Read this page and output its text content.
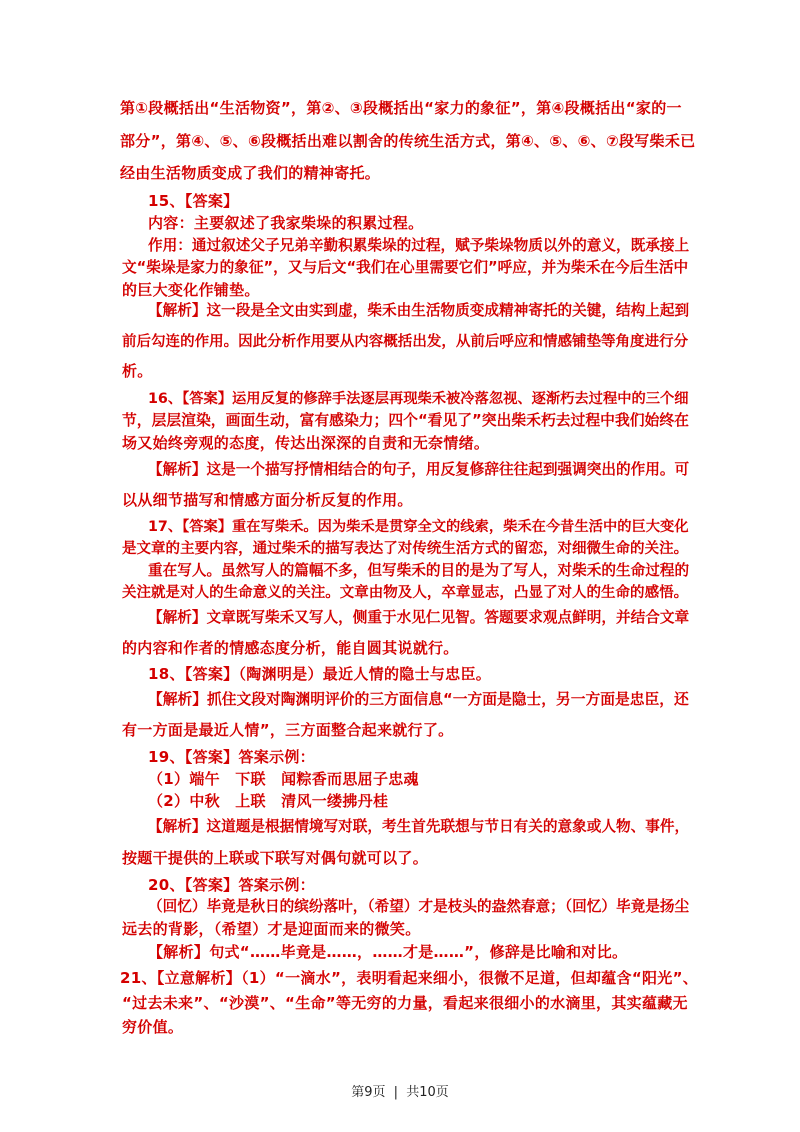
第①段概括出“生活物资”，第②、③段概括出“家力的象征”，第④段概括出“家的一
部分”，第④、⑤、⑥段概括出难以割舍的传统生活方式，第④、⑤、⑥、⑦段写柴禾已
经由生活物质变成了我们的精神寄托。
15、【答案】
内容：主要叙述了我家柴垛的积累过程。
作用：通过叙述父子兄弟辛勤积累柴垛的过程，赋予柴垛物质以外的意义，既承接上
文“柴垛是家力的象征”，又与后文“我们在心里需要它们”呼应，并为柴禾在今后生活中
的巨大变化作铺垫。
【解析】这一段是全文由实到虚，柴禾由生活物质变成精神寄托的关键，结构上起到
前后勾连的作用。因此分析作用要从内容概括出发，从前后呼应和情感铺垫等角度进行分
析。
16、【答案】运用反复的修辞手法逐层再现柴禾被冷落忽视、逐渐朽去过程中的三个细
节，层层渲染，画面生动，富有感染力；四个“看见了”突出柴禾朽去过程中我们始终在
场又始终旁观的态度，传达出深深的自责和无奈情绪。
【解析】这是一个描写抒情相结合的句子，用反复修辞往往起到强调突出的作用。可
以从细节描写和情感方面分析反复的作用。
17、【答案】重在写柴禾。因为柴禾是贯穿全文的线索，柴禾在今昔生活中的巨大变化
是文章的主要内容，通过柴禾的描写表达了对传统生活方式的留恋，对细微生命的关注。
重在写人。虽然写人的篇幅不多，但写柴禾的目的是为了写人，对柴禾的生命过程的
关注就是对人的生命意义的关注。文章由物及人，卒章显志，凸显了对人的生命的感悟。
【解析】文章既写柴禾又写人，侧重于水见仁见智。答题要求观点鲜明，并结合文章
的内容和作者的情感态度分析，能自圆其说就行。
18、【答案】（陶渊明是）最近人情的隐士与忠臣。
【解析】抓住文段对陶渊明评价的三方面信息“一方面是隐士，另一方面是忠臣，还
有一方面是最近人情”，三方面整合起来就行了。
19、【答案】答案示例：
（1）端午　下联　闻粽香而思屈子忠魂
（2）中秋　上联　清风一缕拂丹桂
【解析】这道题是根据情境写对联，考生首先联想与节日有关的意象或人物、事件，
按题干提供的上联或下联写对偶句就可以了。
20、【答案】答案示例：
（回忆）毕竟是秋日的缤纷落叶，（希望）才是枝头的盎然春意；（回忆）毕竟是扬尘
远去的背影，（希望）才是迎面而来的微笑。
【解析】句式“……毕竟是……，……才是……”，修辞是比喻和对比。
21、【立意解析】（1）“一滴水”，表明看起来细小，很微不足道，但却蕴含“阳光”、
“过去未来”、“沙漠”、“生命”等无穷的力量，看起来很细小的水滴里，其实蕴藏无
穷价值。
第9页 | 共10页
